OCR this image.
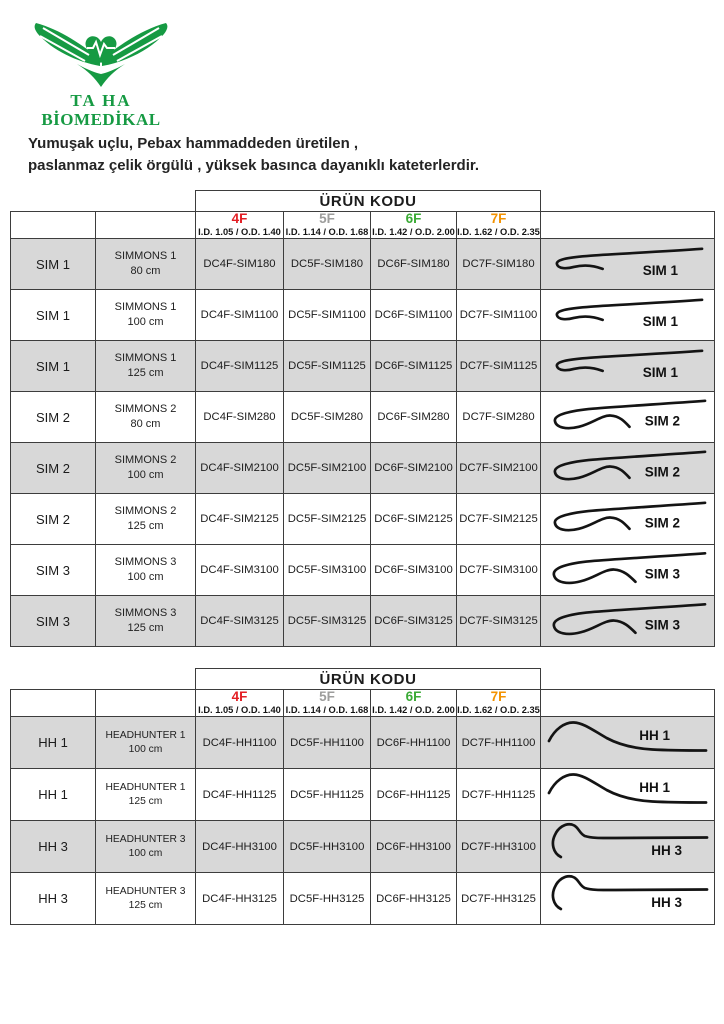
TA HA
BİOMEDİKAL
Yumuşak uçlu, Pebax hammaddeden üretilen ,
paslanmaz çelik örgülü , yüksek basınca dayanıklı kateterlerdir.
		ÜRÜN KODU				

4F
I.D. 1.05 / O.D. 1.40

5F
I.D. 1.14 / O.D. 1.68

6F
I.D. 1.42 / O.D. 2.00

7F
I.D. 1.62 / O.D. 2.35

SIM 1	SIMMONS 1
80 cm	DC4F-SIM180	DC5F-SIM180	DC6F-SIM180	DC7F-SIM180	SIM 1

SIM 1	SIMMONS 1
100 cm	DC4F-SIM1100	DC5F-SIM1100	DC6F-SIM1100	DC7F-SIM1100	SIM 1

SIM 1	SIMMONS 1
125 cm	DC4F-SIM1125	DC5F-SIM1125	DC6F-SIM1125	DC7F-SIM1125	SIM 1

SIM 2	SIMMONS 2
80 cm	DC4F-SIM280	DC5F-SIM280	DC6F-SIM280	DC7F-SIM280	SIM 2

SIM 2	SIMMONS 2
100 cm	DC4F-SIM2100	DC5F-SIM2100	DC6F-SIM2100	DC7F-SIM2100	SIM 2

SIM 2	SIMMONS 2
125 cm	DC4F-SIM2125	DC5F-SIM2125	DC6F-SIM2125	DC7F-SIM2125	SIM 2

SIM 3	SIMMONS 3
100 cm	DC4F-SIM3100	DC5F-SIM3100	DC6F-SIM3100	DC7F-SIM3100	SIM 3

SIM 3	SIMMONS 3
125 cm	DC4F-SIM3125	DC5F-SIM3125	DC6F-SIM3125	DC7F-SIM3125	SIM 3
		ÜRÜN KODU				

4F
I.D. 1.05 / O.D. 1.40

5F
I.D. 1.14 / O.D. 1.68

6F
I.D. 1.42 / O.D. 2.00

7F
I.D. 1.62 / O.D. 2.35

HH 1	HEADHUNTER 1
100 cm	DC4F-HH1100	DC5F-HH1100	DC6F-HH1100	DC7F-HH1100	HH 1

HH 1	HEADHUNTER 1
125 cm	DC4F-HH1125	DC5F-HH1125	DC6F-HH1125	DC7F-HH1125	HH 1

HH 3	HEADHUNTER 3
100 cm	DC4F-HH3100	DC5F-HH3100	DC6F-HH3100	DC7F-HH3100	HH 3

HH 3	HEADHUNTER 3
125 cm	DC4F-HH3125	DC5F-HH3125	DC6F-HH3125	DC7F-HH3125	HH 3
